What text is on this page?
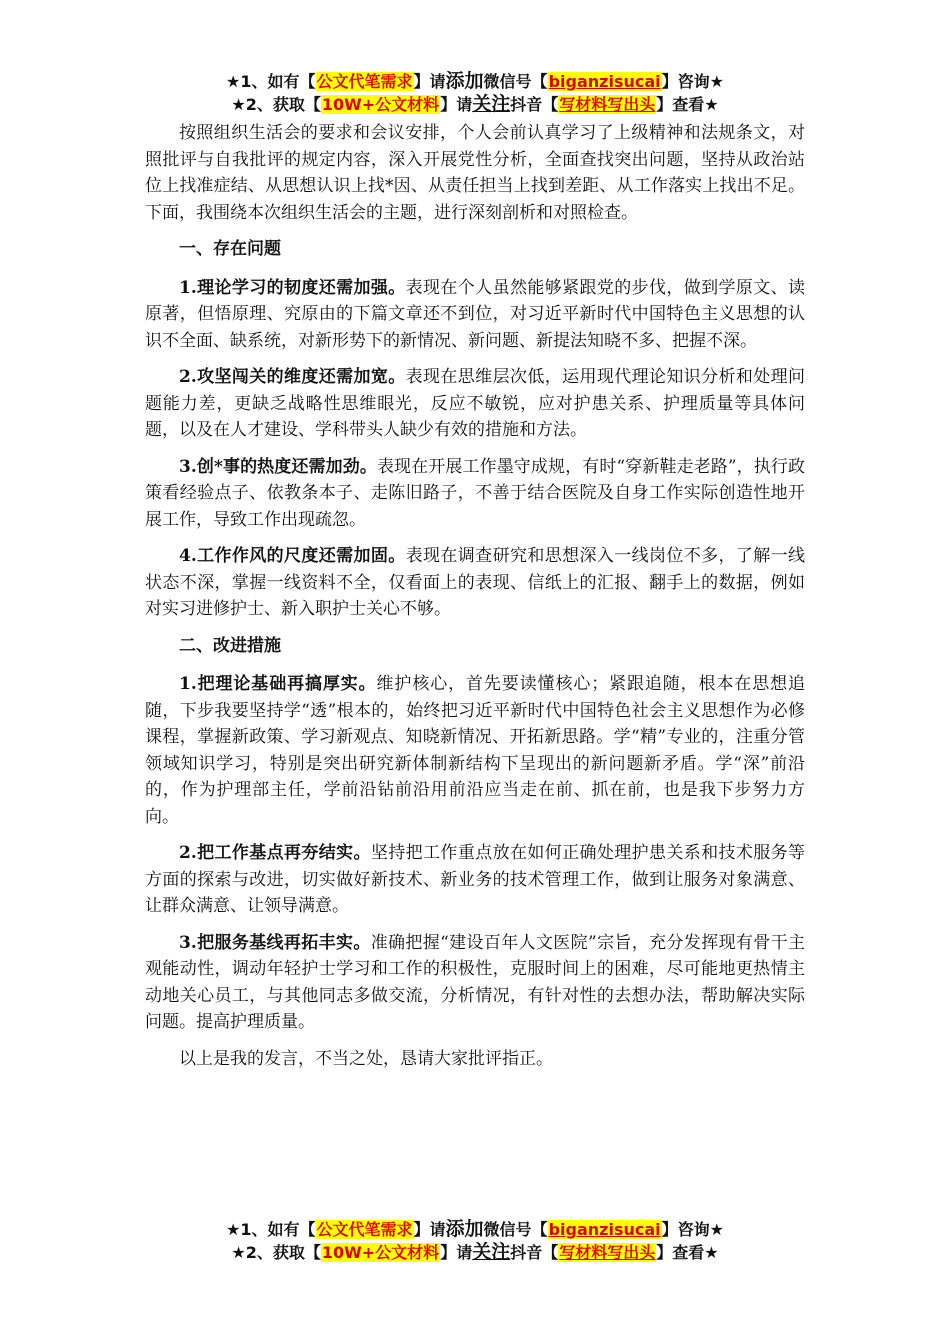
★1、如有【公文代笔需求】请添加微信号【biganzisucai】咨询★
★2、获取【10W+公文材料】请关注抖音【写材料写出头】查看★

按照组织生活会的要求和会议安排，个人会前认真学习了上级精神和法规条文，对照批评与自我批评的规定内容，深入开展党性分析，全面查找突出问题，坚持从政治站位上找准症结、从思想认识上找*因、从责任担当上找到差距、从工作落实上找出不足。下面，我围绕本次组织生活会的主题，进行深刻剖析和对照检查。

一、存在问题

1.理论学习的韧度还需加强。表现在个人虽然能够紧跟党的步伐，做到学原文、读原著，但悟原理、究原由的下篇文章还不到位，对习近平新时代中国特色主义思想的认识不全面、缺系统，对新形势下的新情况、新问题、新提法知晓不多、把握不深。

2.攻坚闯关的维度还需加宽。表现在思维层次低，运用现代理论知识分析和处理问题能力差，更缺乏战略性思维眼光，反应不敏锐，应对护患关系、护理质量等具体问题，以及在人才建设、学科带头人缺少有效的措施和方法。

3.创*事的热度还需加劲。表现在开展工作墨守成规，有时“穿新鞋走老路”，执行政策看经验点子、依教条本子、走陈旧路子，不善于结合医院及自身工作实际创造性地开展工作，导致工作出现疏忽。

4.工作作风的尺度还需加固。表现在调查研究和思想深入一线岗位不多，了解一线状态不深，掌握一线资料不全，仅看面上的表现、信纸上的汇报、翻手上的数据，例如对实习进修护士、新入职护士关心不够。

二、改进措施

1.把理论基础再搞厚实。维护核心，首先要读懂核心；紧跟追随，根本在思想追随，下步我要坚持学“透”根本的，始终把习近平新时代中国特色社会主义思想作为必修课程，掌握新政策、学习新观点、知晓新情况、开拓新思路。学“精”专业的，注重分管领域知识学习，特别是突出研究新体制新结构下呈现出的新问题新矛盾。学“深”前沿的，作为护理部主任，学前沿钻前沿用前沿应当走在前、抓在前，也是我下步努力方向。

2.把工作基点再夯结实。坚持把工作重点放在如何正确处理护患关系和技术服务等方面的探索与改进，切实做好新技术、新业务的技术管理工作，做到让服务对象满意、让群众满意、让领导满意。

3.把服务基线再拓丰实。准确把握“建设百年人文医院”宗旨，充分发挥现有骨干主观能动性，调动年轻护士学习和工作的积极性，克服时间上的困难，尽可能地更热情主动地关心员工，与其他同志多做交流，分析情况，有针对性的去想办法，帮助解决实际问题。提高护理质量。

以上是我的发言，不当之处，恳请大家批评指正。

★1、如有【公文代笔需求】请添加微信号【biganzisucai】咨询★
★2、获取【10W+公文材料】请关注抖音【写材料写出头】查看★
